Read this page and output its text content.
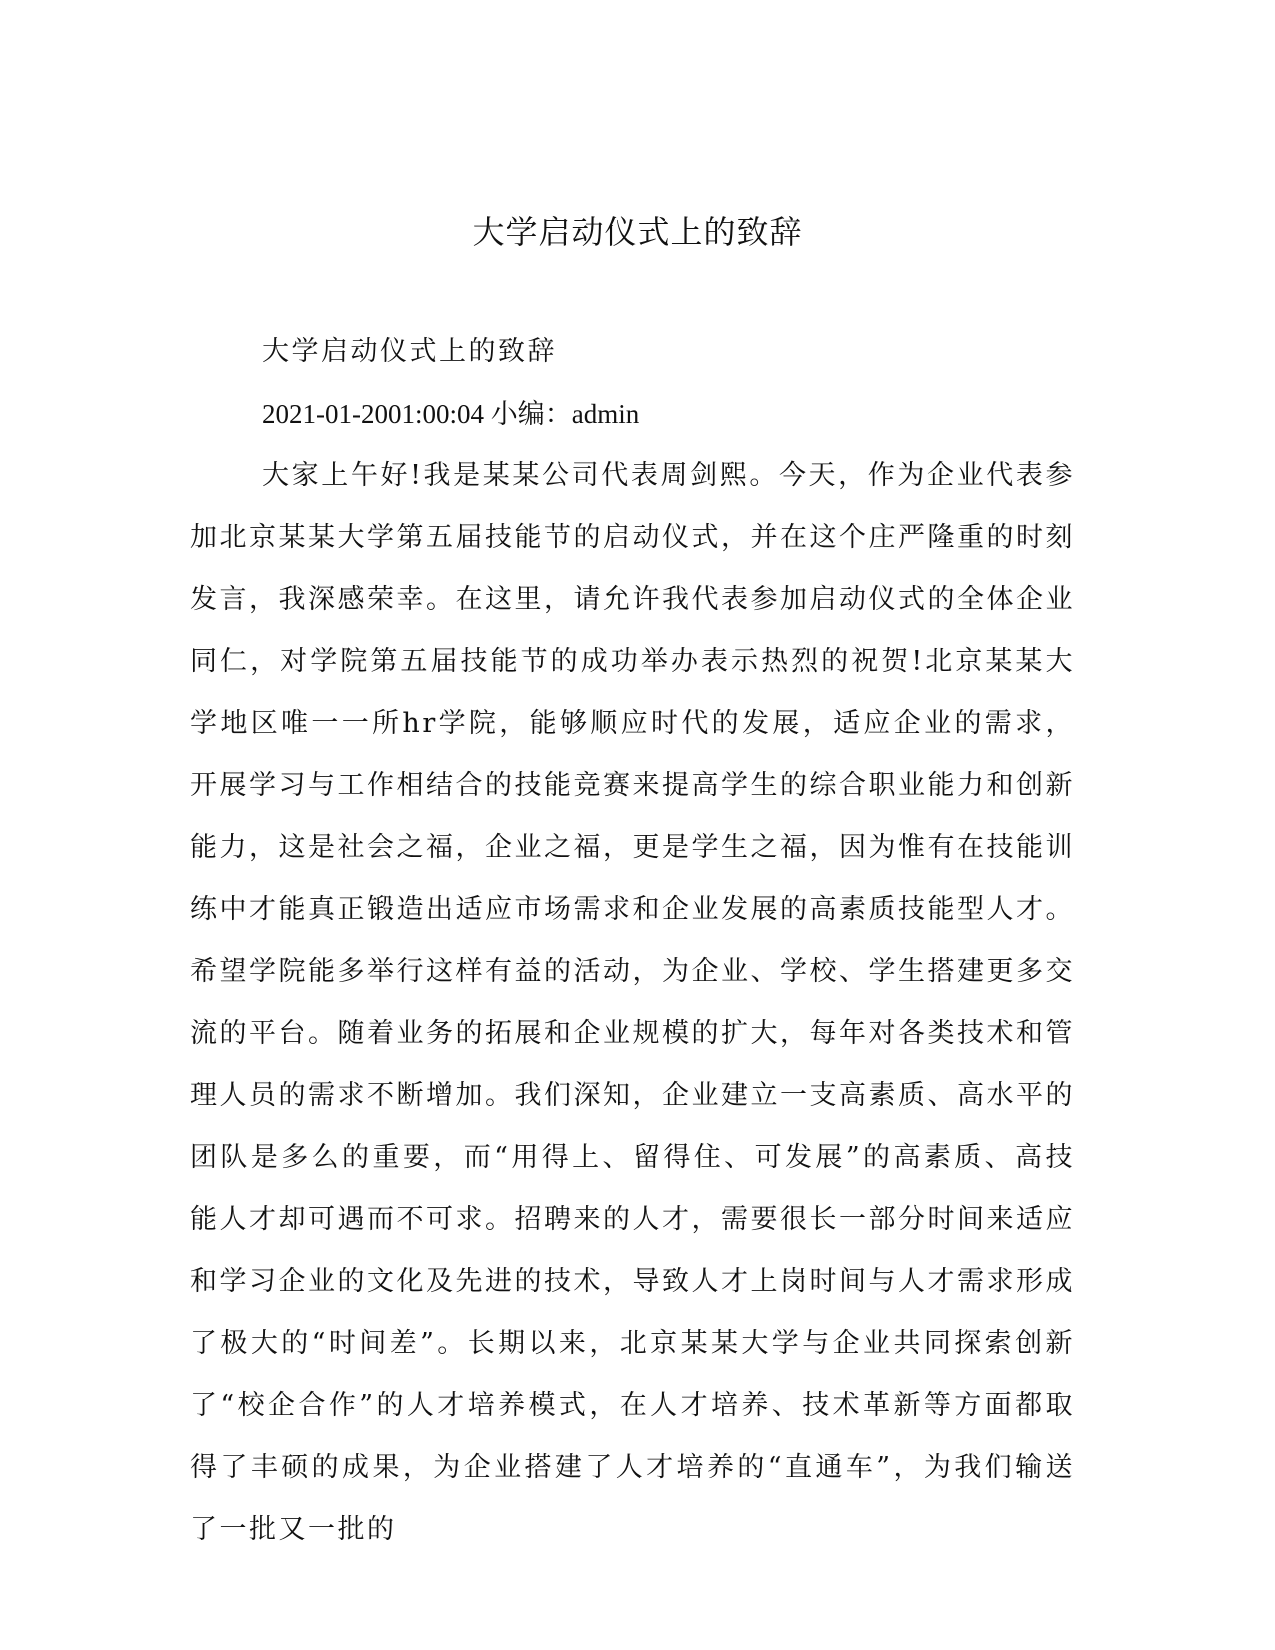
大学启动仪式上的致辞

大学启动仪式上的致辞

2021-01-2001:00:04 小编：admin

大家上午好!我是某某公司代表周剑熙。今天，作为企业代表参加北京某某大学第五届技能节的启动仪式，并在这个庄严隆重的时刻发言，我深感荣幸。在这里，请允许我代表参加启动仪式的全体企业同仁，对学院第五届技能节的成功举办表示热烈的祝贺!北京某某大学地区唯一一所hr学院，能够顺应时代的发展，适应企业的需求，开展学习与工作相结合的技能竞赛来提高学生的综合职业能力和创新能力，这是社会之福，企业之福，更是学生之福，因为惟有在技能训练中才能真正锻造出适应市场需求和企业发展的高素质技能型人才。希望学院能多举行这样有益的活动，为企业、学校、学生搭建更多交流的平台。随着业务的拓展和企业规模的扩大，每年对各类技术和管理人员的需求不断增加。我们深知，企业建立一支高素质、高水平的团队是多么的重要，而“用得上、留得住、可发展”的高素质、高技能人才却可遇而不可求。招聘来的人才，需要很长一部分时间来适应和学习企业的文化及先进的技术，导致人才上岗时间与人才需求形成了极大的“时间差”。长期以来，北京某某大学与企业共同探索创新了“校企合作”的人才培养模式，在人才培养、技术革新等方面都取得了丰硕的成果，为企业搭建了人才培养的“直通车”，为我们输送了一批又一批的
